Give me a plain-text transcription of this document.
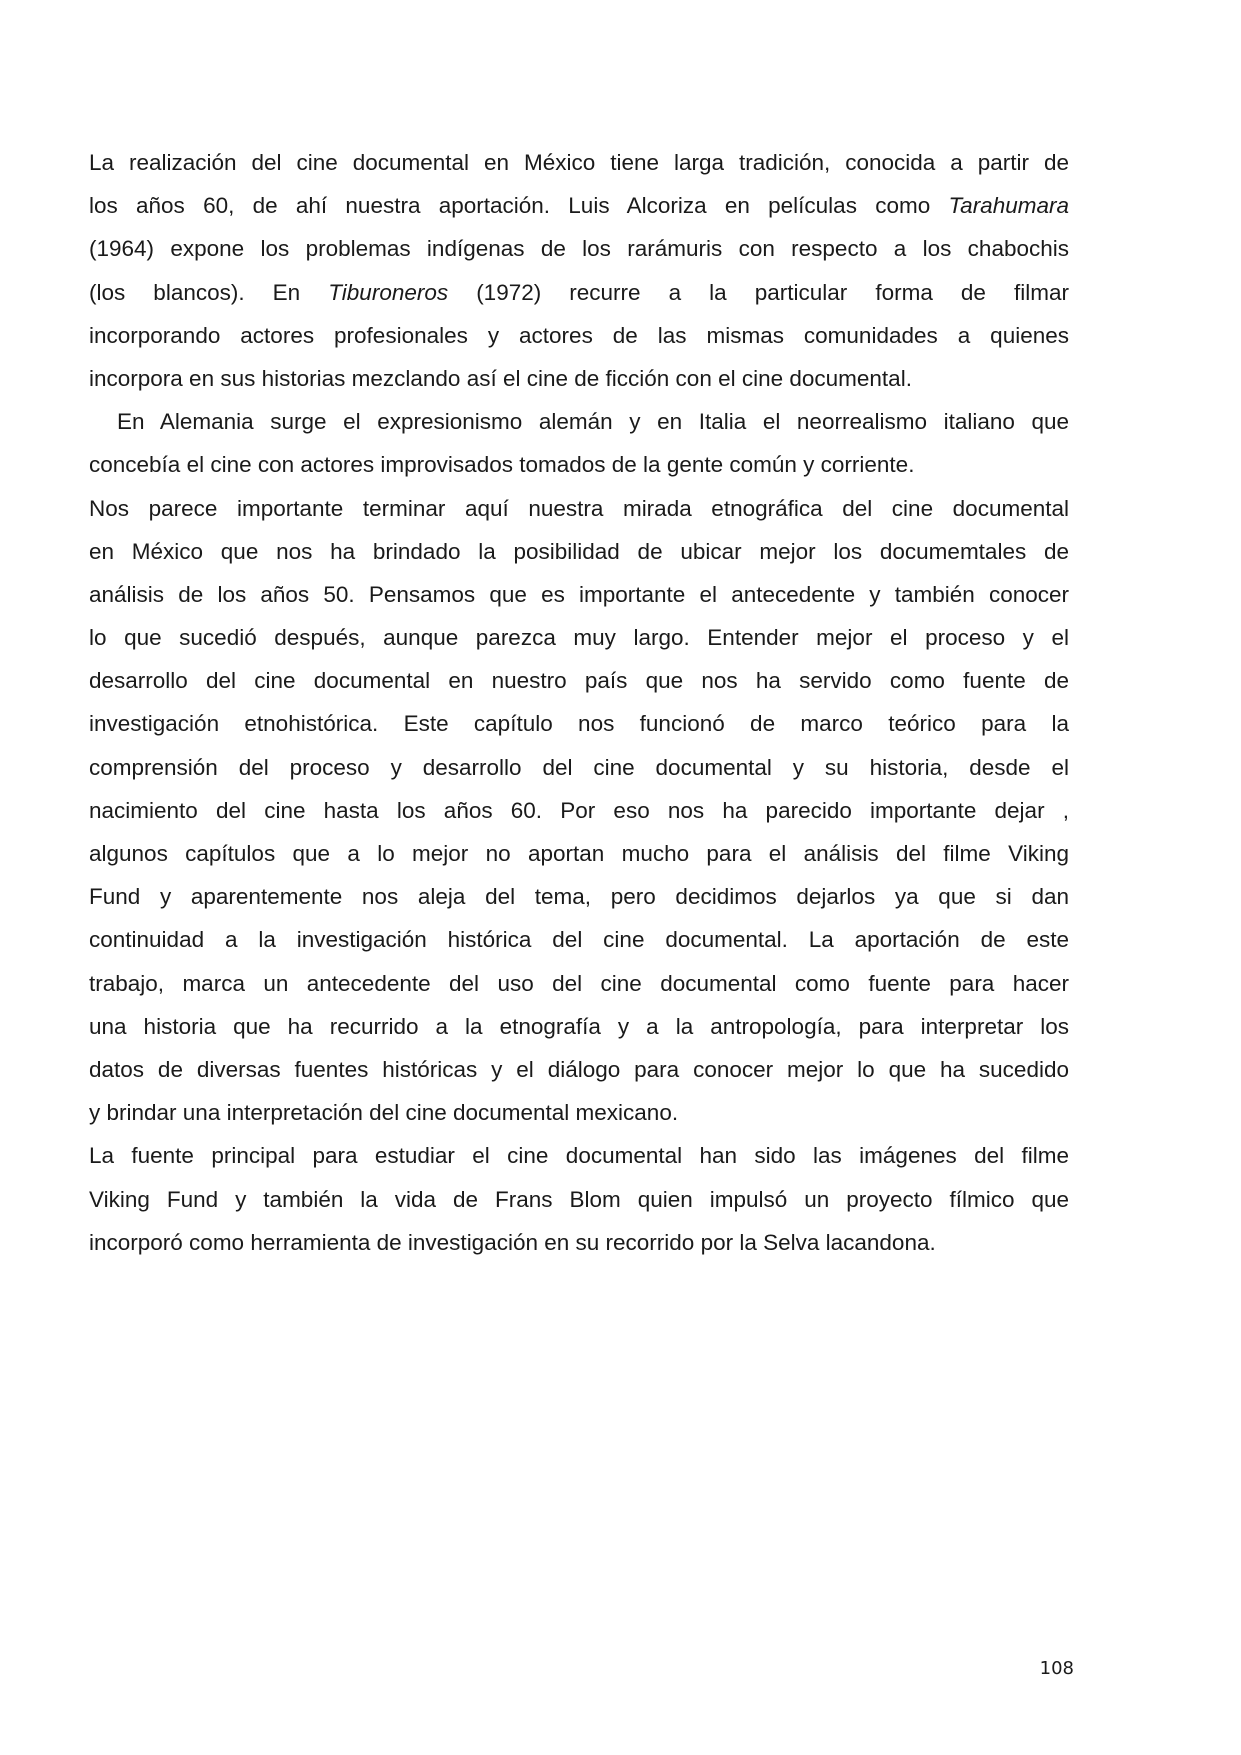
La realización del cine documental en México tiene larga tradición, conocida a partir de
los años 60, de ahí nuestra aportación. Luis Alcoriza en películas como Tarahumara
(1964) expone los problemas indígenas de los rarámuris con respecto a los chabochis
(los blancos). En Tiburoneros (1972) recurre a la particular forma de filmar
incorporando actores profesionales y actores de las mismas comunidades a quienes
incorpora en sus historias mezclando así el cine de ficción con el cine documental.
En Alemania surge el expresionismo alemán y en Italia el neorrealismo italiano que
concebía el cine con actores improvisados tomados de la gente común y corriente.
Nos parece importante terminar aquí nuestra mirada etnográfica del cine documental
en México que nos ha brindado la posibilidad de ubicar mejor los documemtales de
análisis de los años 50. Pensamos que es importante el antecedente y también conocer
lo que sucedió después, aunque parezca muy largo. Entender mejor el proceso y el
desarrollo del cine documental en nuestro país que nos ha servido como fuente de
investigación etnohistórica. Este capítulo nos funcionó de marco teórico para la
comprensión del proceso y desarrollo del cine documental y su historia, desde el
nacimiento del cine hasta los años 60. Por eso nos ha parecido importante dejar ,
algunos capítulos que a lo mejor no aportan mucho para el análisis del filme Viking
Fund y aparentemente nos aleja del tema, pero decidimos dejarlos ya que si dan
continuidad a la investigación histórica del cine documental. La aportación de este
trabajo, marca un antecedente del uso del cine documental como fuente para hacer
una historia que ha recurrido a la etnografía y a la antropología, para interpretar los
datos de diversas fuentes históricas y el diálogo para conocer mejor lo que ha sucedido
y brindar una interpretación del cine documental mexicano.
La fuente principal para estudiar el cine documental han sido las imágenes del filme
Viking Fund y también la vida de Frans Blom quien impulsó un proyecto fílmico que
incorporó como herramienta de investigación en su recorrido por la Selva lacandona.
108
